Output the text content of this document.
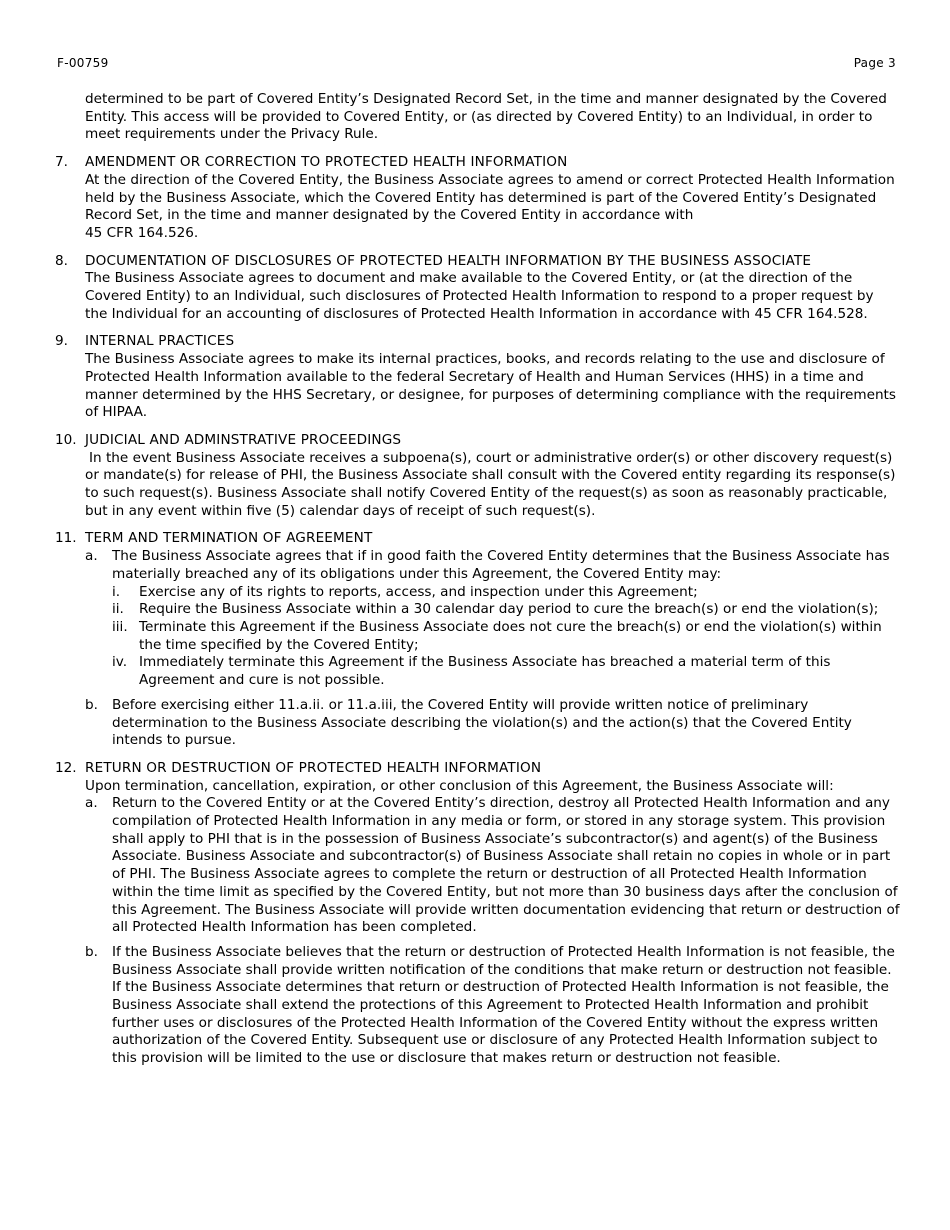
F-00759	Page 3

determined to be part of Covered Entity’s Designated Record Set, in the time and manner designated by the Covered Entity. This access will be provided to Covered Entity, or (as directed by Covered Entity) to an Individual, in order to meet requirements under the Privacy Rule.

7. AMENDMENT OR CORRECTION TO PROTECTED HEALTH INFORMATION

At the direction of the Covered Entity, the Business Associate agrees to amend or correct Protected Health Information held by the Business Associate, which the Covered Entity has determined is part of the Covered Entity’s Designated Record Set, in the time and manner designated by the Covered Entity in accordance with
45 CFR 164.526.

8. DOCUMENTATION OF DISCLOSURES OF PROTECTED HEALTH INFORMATION BY THE BUSINESS ASSOCIATE

The Business Associate agrees to document and make available to the Covered Entity, or (at the direction of the Covered Entity) to an Individual, such disclosures of Protected Health Information to respond to a proper request by the Individual for an accounting of disclosures of Protected Health Information in accordance with 45 CFR 164.528.

9. INTERNAL PRACTICES

The Business Associate agrees to make its internal practices, books, and records relating to the use and disclosure of Protected Health Information available to the federal Secretary of Health and Human Services (HHS) in a time and manner determined by the HHS Secretary, or designee, for purposes of determining compliance with the requirements of HIPAA.

10. JUDICIAL AND ADMINSTRATIVE PROCEEDINGS

In the event Business Associate receives a subpoena(s), court or administrative order(s) or other discovery request(s) or mandate(s) for release of PHI, the Business Associate shall consult with the Covered entity regarding its response(s) to such request(s). Business Associate shall notify Covered Entity of the request(s) as soon as reasonably practicable, but in any event within five (5) calendar days of receipt of such request(s).

11. TERM AND TERMINATION OF AGREEMENT
a. The Business Associate agrees that if in good faith the Covered Entity determines that the Business Associate has materially breached any of its obligations under this Agreement, the Covered Entity may:
i. Exercise any of its rights to reports, access, and inspection under this Agreement;
ii. Require the Business Associate within a 30 calendar day period to cure the breach(s) or end the violation(s);
iii. Terminate this Agreement if the Business Associate does not cure the breach(s) or end the violation(s) within the time specified by the Covered Entity;
iv. Immediately terminate this Agreement if the Business Associate has breached a material term of this Agreement and cure is not possible.
b. Before exercising either 11.a.ii. or 11.a.iii, the Covered Entity will provide written notice of preliminary determination to the Business Associate describing the violation(s) and the action(s) that the Covered Entity intends to pursue.
12. RETURN OR DESTRUCTION OF PROTECTED HEALTH INFORMATION
Upon termination, cancellation, expiration, or other conclusion of this Agreement, the Business Associate will:
a. Return to the Covered Entity or at the Covered Entity’s direction, destroy all Protected Health Information and any compilation of Protected Health Information in any media or form, or stored in any storage system. This provision shall apply to PHI that is in the possession of Business Associate’s subcontractor(s) and agent(s) of the Business Associate. Business Associate and subcontractor(s) of Business Associate shall retain no copies in whole or in part of PHI. The Business Associate agrees to complete the return or destruction of all Protected Health Information within the time limit as specified by the Covered Entity, but not more than 30 business days after the conclusion of this Agreement. The Business Associate will provide written documentation evidencing that return or destruction of all Protected Health Information has been completed.
b. If the Business Associate believes that the return or destruction of Protected Health Information is not feasible, the Business Associate shall provide written notification of the conditions that make return or destruction not feasible. If the Business Associate determines that return or destruction of Protected Health Information is not feasible, the Business Associate shall extend the protections of this Agreement to Protected Health Information and prohibit further uses or disclosures of the Protected Health Information of the Covered Entity without the express written authorization of the Covered Entity. Subsequent use or disclosure of any Protected Health Information subject to this provision will be limited to the use or disclosure that makes return or destruction not feasible.
